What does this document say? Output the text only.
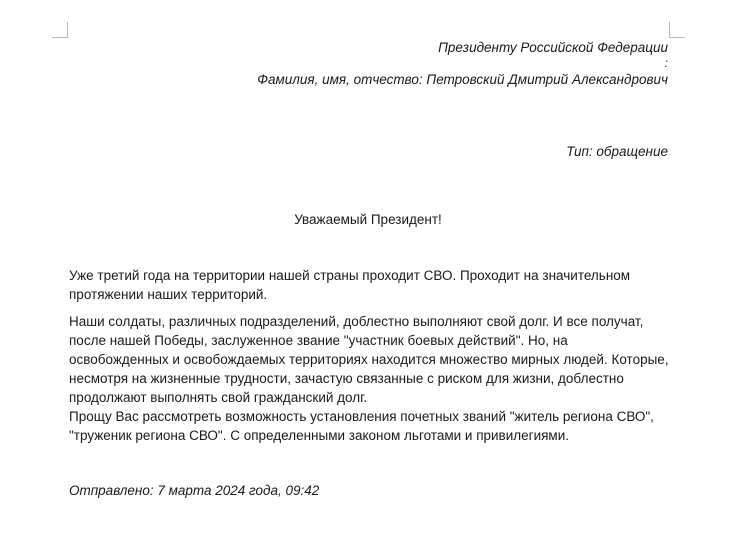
Президенту Российской Федерации
:
Фамилия, имя, отчество: Петровский Дмитрий Александрович
Тип: обращение
Уважаемый Президент!

Уже третий года на территории нашей страны проходит СВО. Проходит на значительном протяжении наших территорий.

Наши солдаты, различных подразделений, доблестно выполняют свой долг. И все получат, после нашей Победы, заслуженное звание "участник боевых действий". Но, на освобожденных и освобождаемых территориях находится множество мирных людей. Которые, несмотря на жизненные трудности, зачастую связанные с риском для жизни, доблестно продолжают выполнять свой гражданский долг.

Прощу Вас рассмотреть возможность установления почетных званий "житель региона СВО", "труженик региона СВО". С определенными законом льготами и привилегиями.

Отправлено: 7 марта 2024 года, 09:42
